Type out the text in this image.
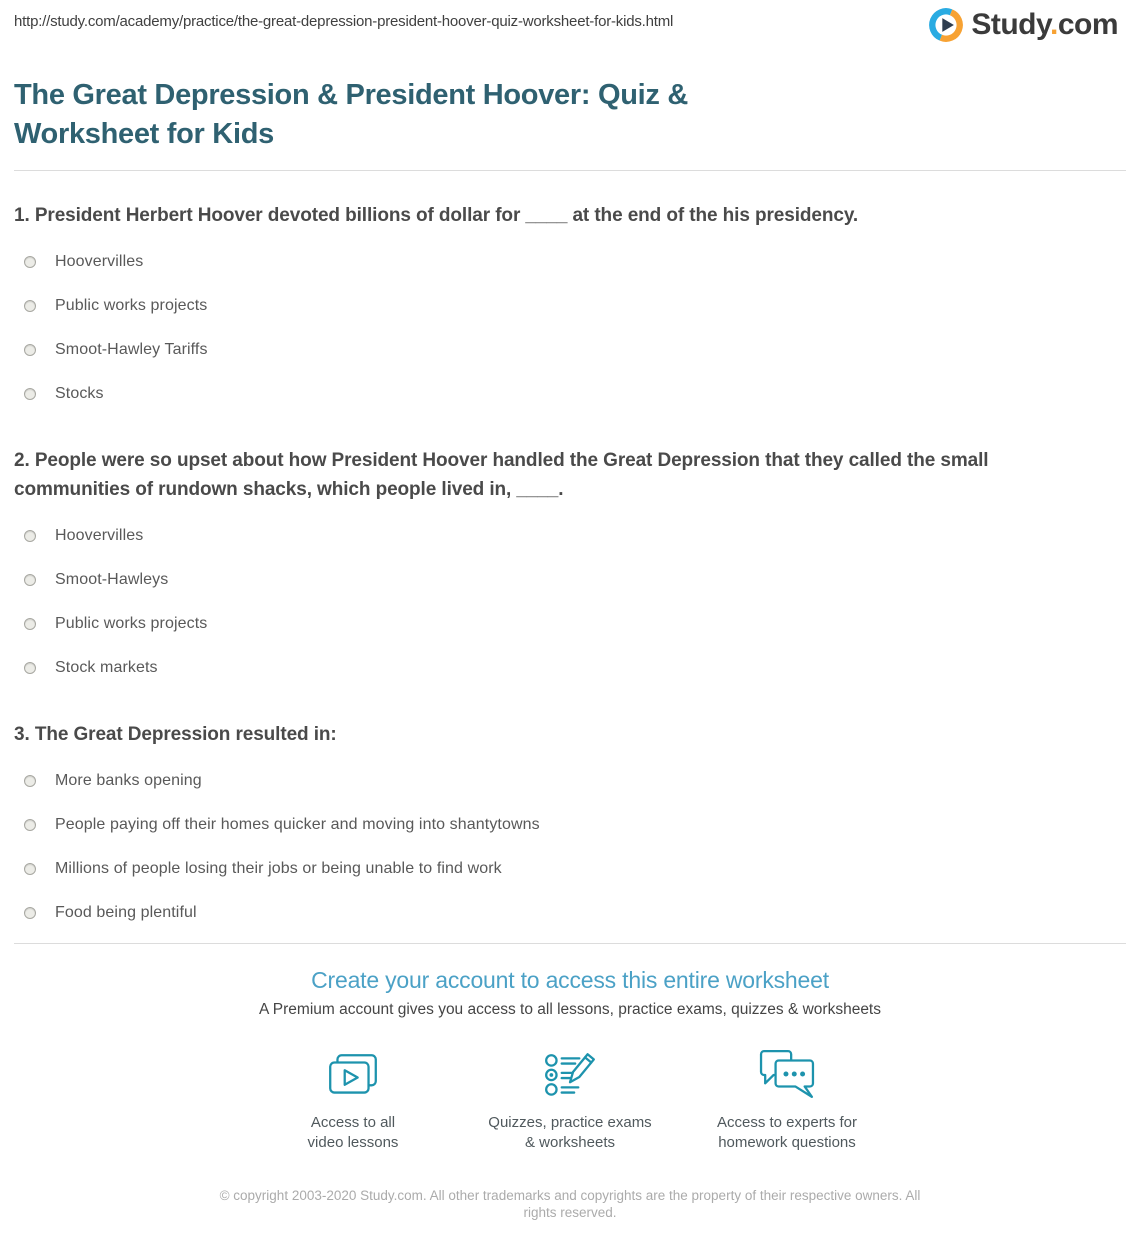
http://study.com/academy/practice/the-great-depression-president-hoover-quiz-worksheet-for-kids.html	Study.com
The Great Depression & President Hoover: Quiz & Worksheet for Kids
1. President Herbert Hoover devoted billions of dollar for ____ at the end of the his presidency.
Hoovervilles
Public works projects
Smoot-Hawley Tariffs
Stocks
2. People were so upset about how President Hoover handled the Great Depression that they called the small communities of rundown shacks, which people lived in, ____.
Hoovervilles
Smoot-Hawleys
Public works projects
Stock markets
3. The Great Depression resulted in:
More banks opening
People paying off their homes quicker and moving into shantytowns
Millions of people losing their jobs or being unable to find work
Food being plentiful
Create your account to access this entire worksheet
A Premium account gives you access to all lessons, practice exams, quizzes & worksheets
Access to all
video lessons
Quizzes, practice exams
& worksheets
Access to experts for
homework questions
© copyright 2003-2020 Study.com. All other trademarks and copyrights are the property of their respective owners. All rights reserved.
